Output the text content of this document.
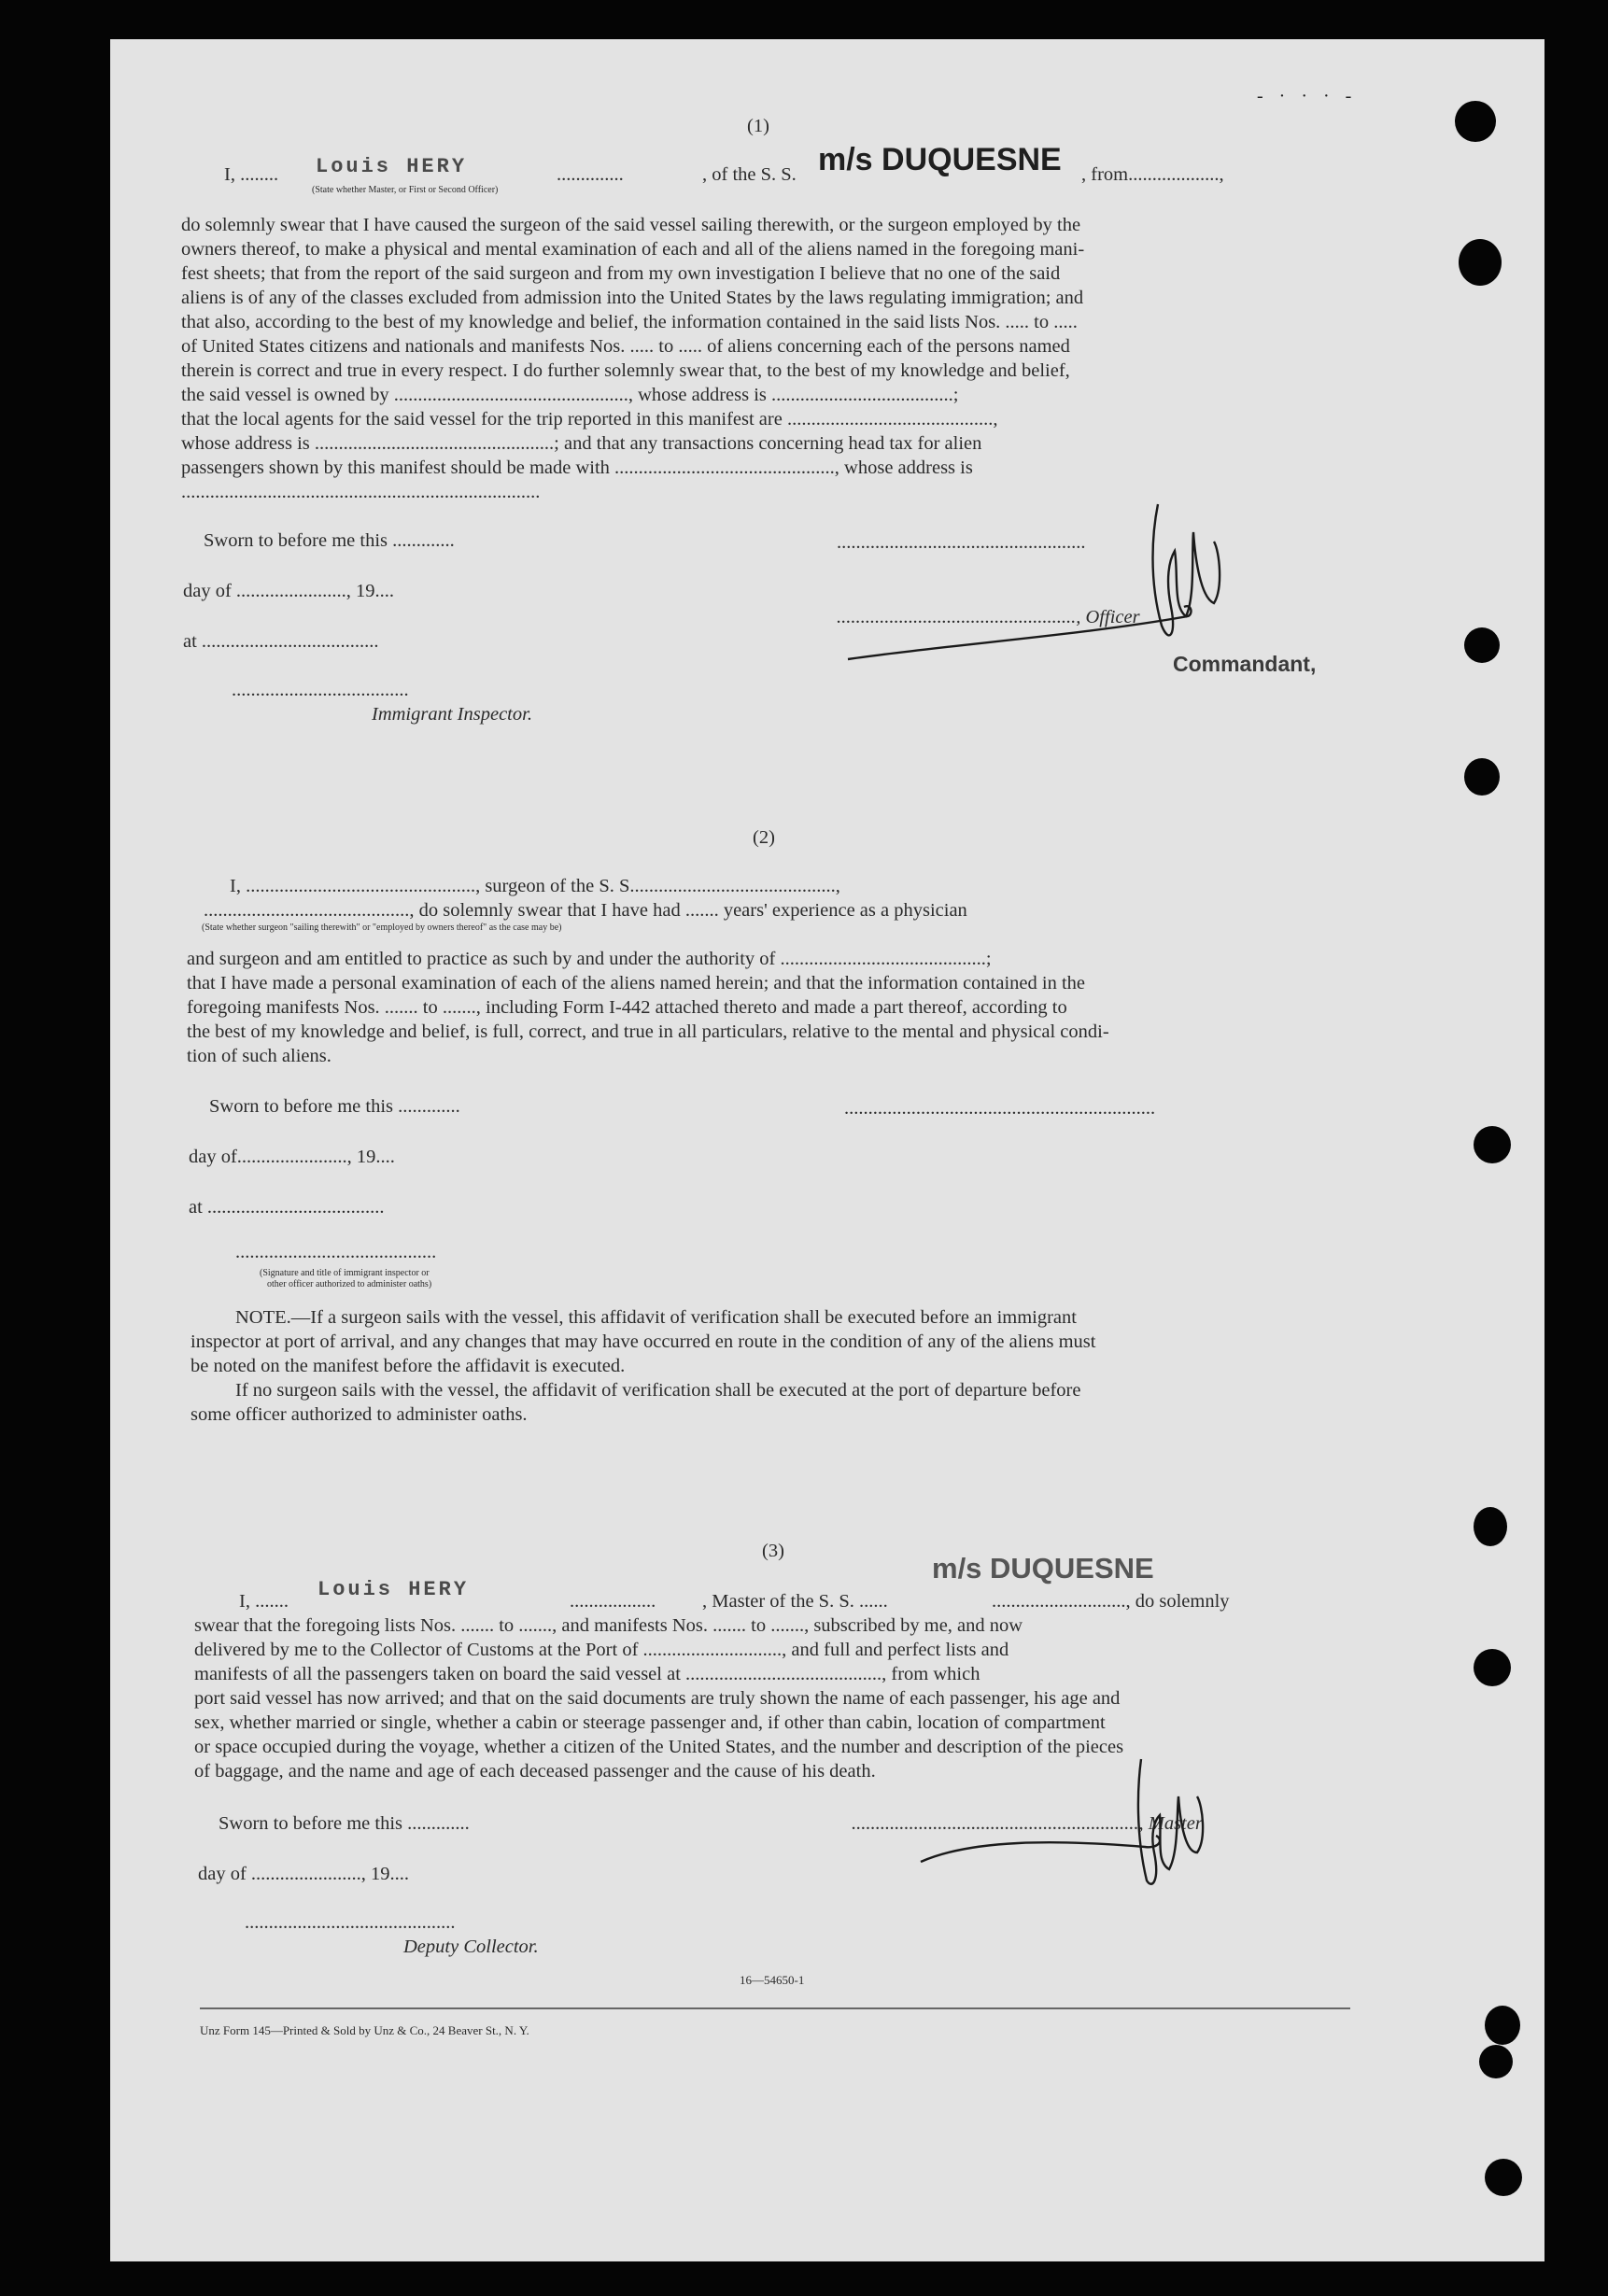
- · · · -
(1)
I, ........ Louis HERY	..............
(State whether Master, or First or Second Officer)
, of the S. S. m/s DUQUESNE , from...................,
do solemnly swear that I have caused the surgeon of the said vessel sailing therewith, or the surgeon employed by the
owners thereof, to make a physical and mental examination of each and all of the aliens named in the foregoing mani-
fest sheets; that from the report of the said surgeon and from my own investigation I believe that no one of the said
aliens is of any of the classes excluded from admission into the United States by the laws regulating immigration; and
that also, according to the best of my knowledge and belief, the information contained in the said lists Nos. ..... to .....
of United States citizens and nationals and manifests Nos. ..... to ..... of aliens concerning each of the persons named
therein is correct and true in every respect. I do further solemnly swear that, to the best of my knowledge and belief,
the said vessel is owned by ................................................., whose address is ......................................;
that the local agents for the said vessel for the trip reported in this manifest are ...........................................,
whose address is ..................................................; and that any transactions concerning head tax for alien
passengers shown by this manifest should be made with .............................................., whose address is
...........................................................................
Sworn to before me this .............
day of ......................., 19....
at .....................................
.....................................
Immigrant Inspector.
....................................................
.................................................., Officer
Commandant,
(2)
I, ................................................, surgeon of the S. S...........................................,
..........................................., do solemnly swear that I have had ....... years' experience as a physician
(State whether surgeon "sailing therewith" or "employed by owners thereof" as the case may be)
and surgeon and am entitled to practice as such by and under the authority of ...........................................;
that I have made a personal examination of each of the aliens named herein; and that the information contained in the
foregoing manifests Nos. ....... to ......., including Form I-442 attached thereto and made a part thereof, according to
the best of my knowledge and belief, is full, correct, and true in all particulars, relative to the mental and physical condi-
tion of such aliens.
Sworn to before me this .............	.................................................................
day of......................., 19....
at .....................................
..........................................
(Signature and title of immigrant inspector or
other officer authorized to administer oaths)
NOTE.—If a surgeon sails with the vessel, this affidavit of verification shall be executed before an immigrant
inspector at port of arrival, and any changes that may have occurred en route in the condition of any of the aliens must
be noted on the manifest before the affidavit is executed.
If no surgeon sails with the vessel, the affidavit of verification shall be executed at the port of departure before
some officer authorized to administer oaths.
(3)
I, ....... Louis HERY	.................. , Master of the S. S. ......
m/s DUQUESNE
............................, do solemnly
swear that the foregoing lists Nos. ....... to ......., and manifests Nos. ....... to ......., subscribed by me, and now
delivered by me to the Collector of Customs at the Port of ............................., and full and perfect lists and
manifests of all the passengers taken on board the said vessel at ........................................., from which
port said vessel has now arrived; and that on the said documents are truly shown the name of each passenger, his age and
sex, whether married or single, whether a cabin or steerage passenger and, if other than cabin, location of compartment
or space occupied during the voyage, whether a citizen of the United States, and the number and description of the pieces
of baggage, and the name and age of each deceased passenger and the cause of his death.
Sworn to before me this .............	............................................................, Master
day of ......................., 19....
............................................
Deputy Collector.
16—54650-1
Unz Form 145—Printed & Sold by Unz & Co., 24 Beaver St., N. Y.
